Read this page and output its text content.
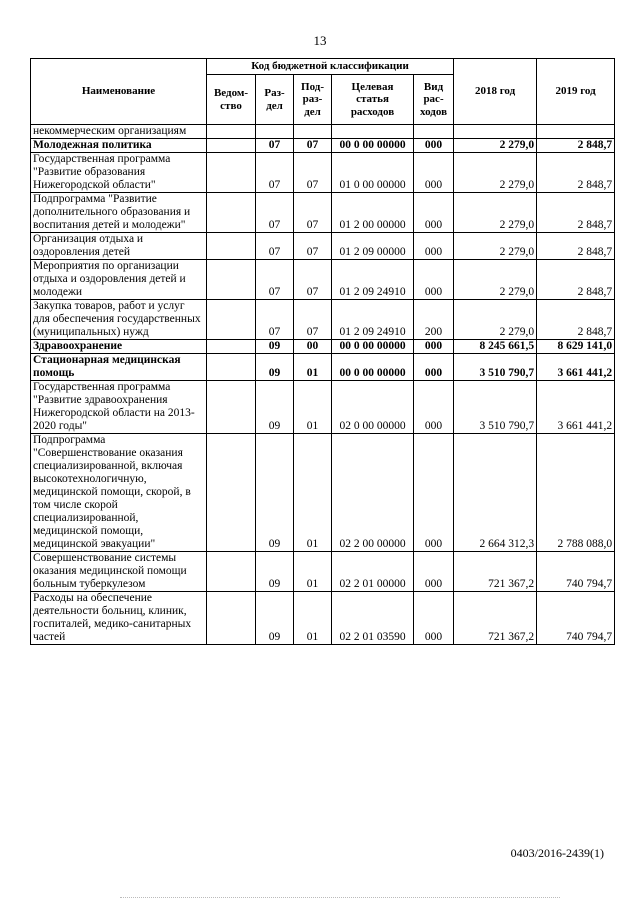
13
Наименование	Код бюджетной классификации					2018 год	2019 год
	Ведом-ство	Раз-дел	Под-раз-дел	Целевая статья расходов	Вид рас-ходов		
некоммерческим организациям							
Молодежная политика		07	07	00 0 00 00000	000	2 279,0	2 848,7
Государственная программа "Развитие образования Нижегородской области"		07	07	01 0 00 00000	000	2 279,0	2 848,7
Подпрограмма "Развитие дополнительного образования и воспитания детей и молодежи"		07	07	01 2 00 00000	000	2 279,0	2 848,7
Организация отдыха и оздоровления детей		07	07	01 2 09 00000	000	2 279,0	2 848,7
Мероприятия по организации отдыха и оздоровления детей и молодежи		07	07	01 2 09 24910	000	2 279,0	2 848,7
Закупка товаров, работ и услуг для обеспечения государственных (муниципальных) нужд		07	07	01 2 09 24910	200	2 279,0	2 848,7
Здравоохранение		09	00	00 0 00 00000	000	8 245 661,5	8 629 141,0
Стационарная медицинская помощь		09	01	00 0 00 00000	000	3 510 790,7	3 661 441,2
Государственная программа "Развитие здравоохранения Нижегородской области на 2013-2020 годы"		09	01	02 0 00 00000	000	3 510 790,7	3 661 441,2
Подпрограмма "Совершенствование оказания специализированной, включая высокотехнологичную, медицинской помощи, скорой, в том числе скорой специализированной, медицинской помощи, медицинской эвакуации"		09	01	02 2 00 00000	000	2 664 312,3	2 788 088,0
Совершенствование системы оказания медицинской помощи больным туберкулезом		09	01	02 2 01 00000	000	721 367,2	740 794,7
Расходы на обеспечение деятельности больниц, клиник, госпиталей, медико-санитарных частей		09	01	02 2 01 03590	000	721 367,2	740 794,7
0403/2016-2439(1)
